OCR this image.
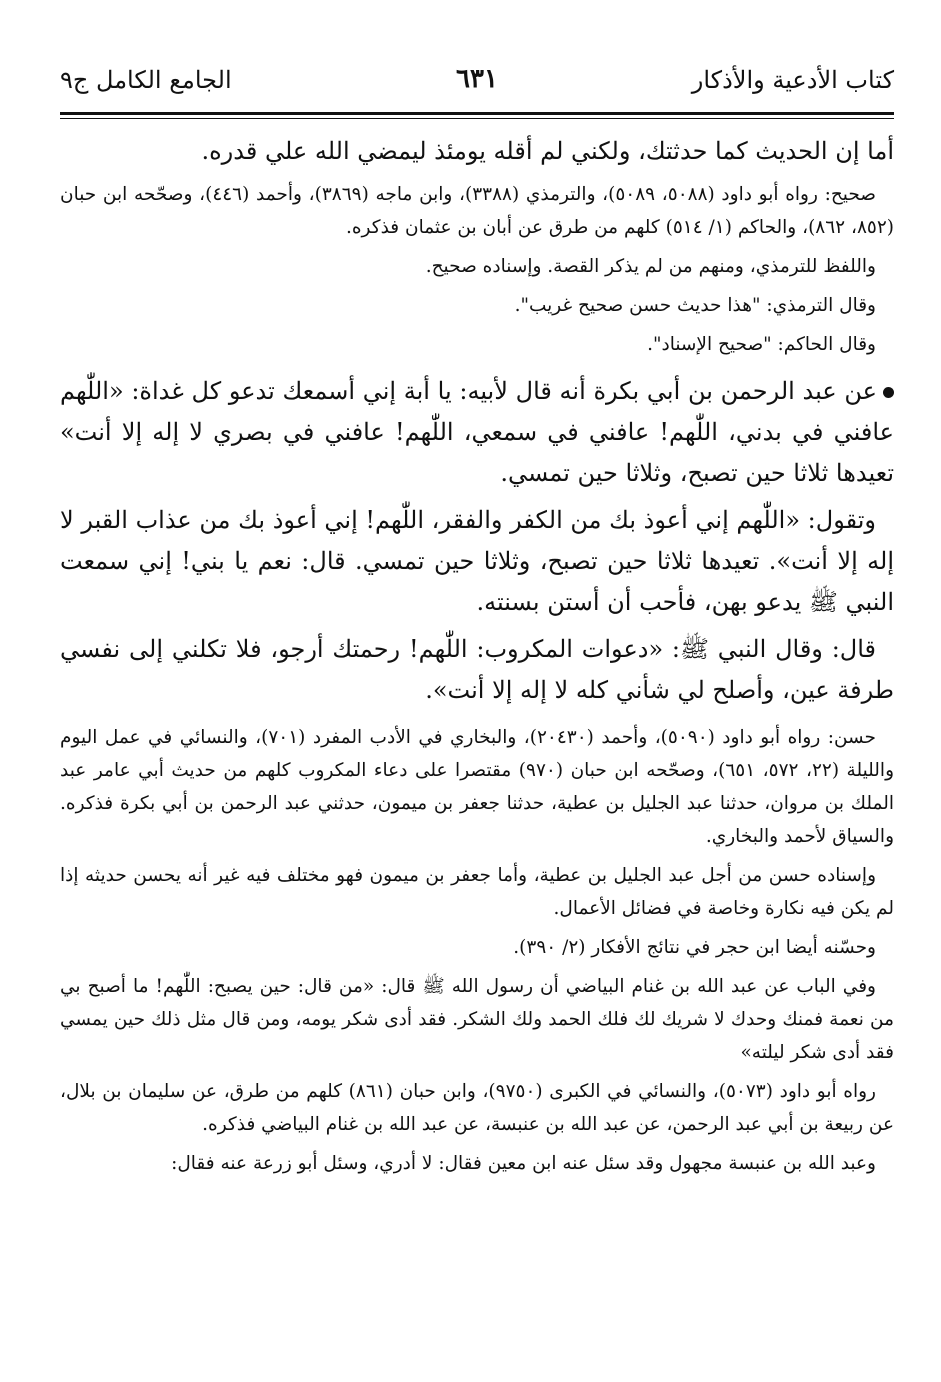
كتاب الأدعية والأذكار
٦٣١
الجامع الكامل ج٩

أما إن الحديث كما حدثتك، ولكني لم أقله يومئذ ليمضي الله علي قدره.

صحيح: رواه أبو داود (٥٠٨٨، ٥٠٨٩)، والترمذي (٣٣٨٨)، وابن ماجه (٣٨٦٩)، وأحمد (٤٤٦)، وصحّحه ابن حبان (٨٥٢، ٨٦٢)، والحاكم (١/ ٥١٤) كلهم من طرق عن أبان بن عثمان فذكره.

واللفظ للترمذي، ومنهم من لم يذكر القصة. وإسناده صحيح.

وقال الترمذي: "هذا حديث حسن صحيح غريب".

وقال الحاكم: "صحيح الإسناد".

عن عبد الرحمن بن أبي بكرة أنه قال لأبيه: يا أبة إني أسمعك تدعو كل غداة: «اللّٰهم عافني في بدني، اللّٰهم! عافني في سمعي، اللّٰهم! عافني في بصري لا إله إلا أنت» تعيدها ثلاثا حين تصبح، وثلاثا حين تمسي.

وتقول: «اللّٰهم إني أعوذ بك من الكفر والفقر، اللّٰهم! إني أعوذ بك من عذاب القبر لا إله إلا أنت». تعيدها ثلاثا حين تصبح، وثلاثا حين تمسي. قال: نعم يا بني! إني سمعت النبي ﷺ يدعو بهن، فأحب أن أستن بسنته.

قال: وقال النبي ﷺ: «دعوات المكروب: اللّٰهم! رحمتك أرجو، فلا تكلني إلى نفسي طرفة عين، وأصلح لي شأني كله لا إله إلا أنت».

حسن: رواه أبو داود (٥٠٩٠)، وأحمد (٢٠٤٣٠)، والبخاري في الأدب المفرد (٧٠١)، والنسائي في عمل اليوم والليلة (٢٢، ٥٧٢، ٦٥١)، وصحّحه ابن حبان (٩٧٠) مقتصرا على دعاء المكروب كلهم من حديث أبي عامر عبد الملك بن مروان، حدثنا عبد الجليل بن عطية، حدثنا جعفر بن ميمون، حدثني عبد الرحمن بن أبي بكرة فذكره. والسياق لأحمد والبخاري.

وإسناده حسن من أجل عبد الجليل بن عطية، وأما جعفر بن ميمون فهو مختلف فيه غير أنه يحسن حديثه إذا لم يكن فيه نكارة وخاصة في فضائل الأعمال.

وحسّنه أيضا ابن حجر في نتائج الأفكار (٢/ ٣٩٠).

وفي الباب عن عبد الله بن غنام البياضي أن رسول الله ﷺ قال: «من قال: حين يصبح: اللّٰهم! ما أصبح بي من نعمة فمنك وحدك لا شريك لك فلك الحمد ولك الشكر. فقد أدى شكر يومه، ومن قال مثل ذلك حين يمسي فقد أدى شكر ليلته»

رواه أبو داود (٥٠٧٣)، والنسائي في الكبرى (٩٧٥٠)، وابن حبان (٨٦١) كلهم من طرق، عن سليمان بن بلال، عن ربيعة بن أبي عبد الرحمن، عن عبد الله بن عنبسة، عن عبد الله بن غنام البياضي فذكره.

وعبد الله بن عنبسة مجهول وقد سئل عنه ابن معين فقال: لا أدري، وسئل أبو زرعة عنه فقال:
